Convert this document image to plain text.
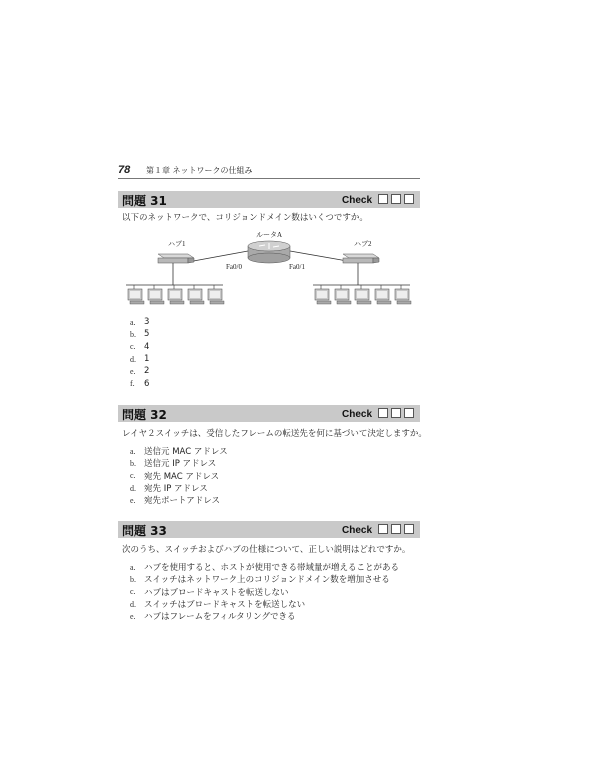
78 第１章 ネットワークの仕組み
問題 31	Check
以下のネットワークで、コリジョンドメイン数はいくつですか。
ハブ1
ルータA
Fa0/0	Fa0/1
ハブ2
a. 3
b. 5
c. 4
d. 1
e. 2
f.	6
問題 32	Check
レイヤ２スイッチは、受信したフレームの転送先を何に基づいて決定しますか。
a. 送信元 MAC アドレス
b. 送信元 IP アドレス
c. 宛先 MAC アドレス
d. 宛先 IP アドレス
e. 宛先ポートアドレス
問題 33	Check
次のうち、スイッチおよびハブの仕様について、正しい説明はどれですか。
a. ハブを使用すると、ホストが使用できる帯域量が増えることがある
b. スイッチはネットワーク上のコリジョンドメイン数を増加させる
c. ハブはブロードキャストを転送しない
d. スイッチはブロードキャストを転送しない
e. ハブはフレームをフィルタリングできる
